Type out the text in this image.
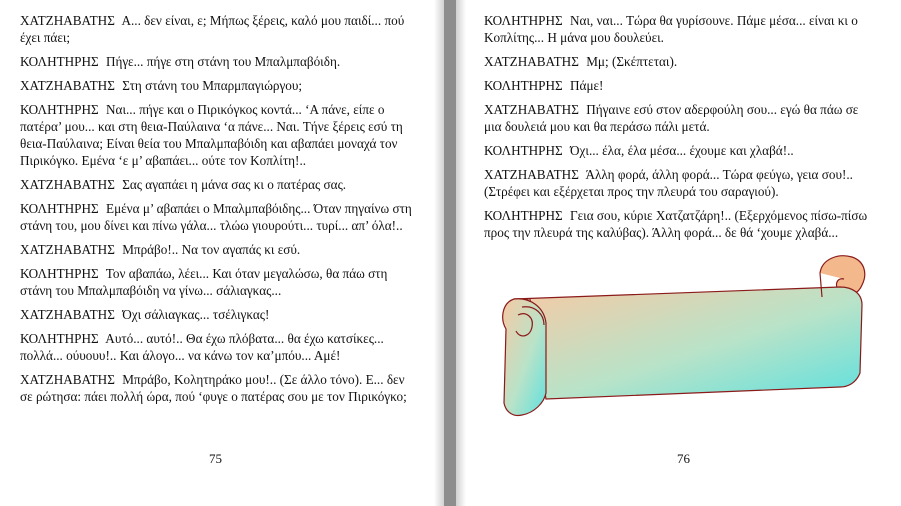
ΧΑΤΖΗΑΒΑΤΗΣ Α... δεν είναι, ε; Μήπως ξέρεις, καλό μου παιδί... πού έχει πάει;
ΚΟΛΗΤΗΡΗΣ Πήγε... πήγε στη στάνη του Μπαλμπαβόιδη.
ΧΑΤΖΗΑΒΑΤΗΣ Στη στάνη του Μπαρμπαγιώργου;
ΚΟΛΗΤΗΡΗΣ Ναι... πήγε και ο Πιρικόγκος κοντά... ‘Α πάνε, είπε ο πατέρα’ μου... και στη θεια-Παύλαινα ‘α πάνε... Ναι. Τήνε ξέρεις εσύ τη θεια-Παύλαινα; Είναι θεία του Μπαλμπαβόιδη και αβαπάει μοναχά τον Πιρικόγκο. Εμένα ‘ε μ’ αβαπάει... ούτε τον Κοπλίτη!..
ΧΑΤΖΗΑΒΑΤΗΣ Σας αγαπάει η μάνα σας κι ο πατέρας σας.
ΚΟΛΗΤΗΡΗΣ Εμένα μ’ αβαπάει ο Μπαλμπαβόιδης... Όταν πηγαίνω στη στάνη του, μου δίνει και πίνω γάλα... τλώω γιουρούτι... τυρί... απ’ όλα!..
ΧΑΤΖΗΑΒΑΤΗΣ Μπράβο!.. Να τον αγαπάς κι εσύ.
ΚΟΛΗΤΗΡΗΣ Τον αβαπάω, λέει... Και όταν μεγαλώσω, θα πάω στη στάνη του Μπαλμπαβόιδη να γίνω... σάλιαγκας...
ΧΑΤΖΗΑΒΑΤΗΣ Όχι σάλιαγκας... τσέλιγκας!
ΚΟΛΗΤΗΡΗΣ Αυτό... αυτό!.. Θα έχω πλόβατα... θα έχω κατσίκες... πολλά... ούυουυ!.. Και άλογο... να κάνω τον κα’μπόυ... Αμέ!
ΧΑΤΖΗΑΒΑΤΗΣ Μπράβο, Κολητηράκο μου!.. (Σε άλλο τόνο). Ε... δεν σε ρώτησα: πάει πολλή ώρα, πού ‘φυγε ο πατέρας σου με τον Πιρικόγκο;
75
ΚΟΛΗΤΗΡΗΣ Ναι, ναι... Τώρα θα γυρίσουνε. Πάμε μέσα... είναι κι ο Κοπλίτης... Η μάνα μου δουλεύει.
ΧΑΤΖΗΑΒΑΤΗΣ Μμ; (Σκέπτεται).
ΚΟΛΗΤΗΡΗΣ Πάμε!
ΧΑΤΖΗΑΒΑΤΗΣ Πήγαινε εσύ στον αδερφούλη σου... εγώ θα πάω σε μια δουλειά μου και θα περάσω πάλι μετά.
ΚΟΛΗΤΗΡΗΣ Όχι... έλα, έλα μέσα... έχουμε και χλαβά!..
ΧΑΤΖΗΑΒΑΤΗΣ Άλλη φορά, άλλη φορά... Τώρα φεύγω, γεια σου!.. (Στρέφει και εξέρχεται προς την πλευρά του σαραγιού).
ΚΟΛΗΤΗΡΗΣ Γεια σου, κύριε Χατζατζάρη!.. (Εξερχόμενος πίσω-πίσω προς την πλευρά της καλύβας). Άλλη φορά... δε θά ‘χουμε χλαβά...
76
